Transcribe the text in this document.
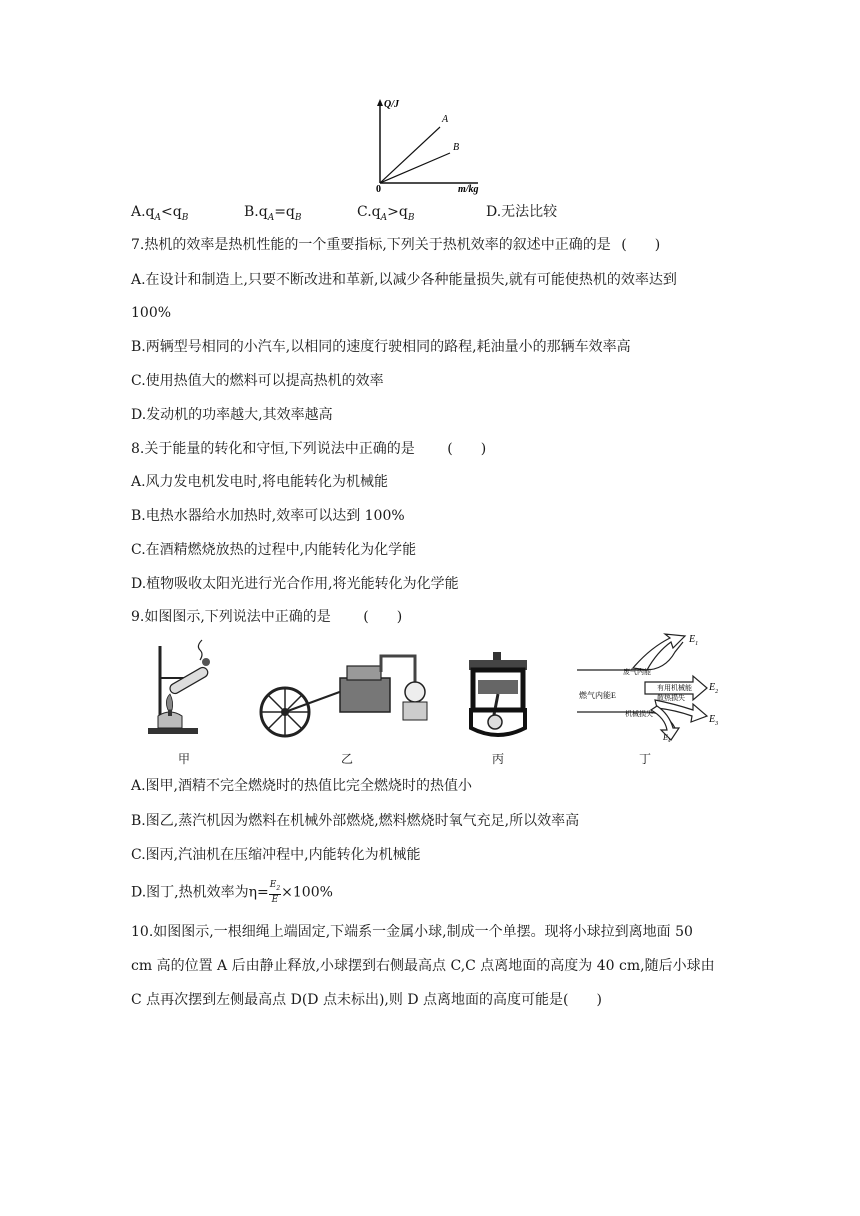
Q/J
A
B
0	m/kg
$A.q_A<q_B$	$B.q_A=q_B$	$C.q_A>q_B$	D.无法比较
7.热机的效率是热机性能的一个重要指标,下列关于热机效率的叙述中正确的是 (　　)
A.在设计和制造上,只要不断改进和革新,以减少各种能量损失,就有可能使热机的效率达到
100%
B.两辆型号相同的小汽车,以相同的速度行驶相同的路程,耗油量小的那辆车效率高
C.使用热值大的燃料可以提高热机的效率
D.发动机的功率越大,其效率越高
8.关于能量的转化和守恒,下列说法中正确的是 (　　)
A.风力发电机发电时,将电能转化为机械能
B.电热水器给水加热时,效率可以达到 100%
C.在酒精燃烧放热的过程中,内能转化为化学能
D.植物吸收太阳光进行光合作用,将光能转化为化学能
9.如图图示,下列说法中正确的是 (　　)
$E_1$
$E_2$
$E_3$
$E_4$
燃气内能E
废气内能
有用机械能
散热损失
机械损失
甲	乙	丙	丁
A.图甲,酒精不完全燃烧时的热值比完全燃烧时的热值小
B.图乙,蒸汽机因为燃料在机械外部燃烧,燃料燃烧时氧气充足,所以效率高
C.图丙,汽油机在压缩冲程中,内能转化为机械能
D.图丁,热机效率为$\eta= \frac{E_2}{E} \times 100\%$
10.如图图示,一根细绳上端固定,下端系一金属小球,制成一个单摆。现将小球拉到离地面 50
cm 高的位置 A 后由静止释放,小球摆到右侧最高点 C,C 点离地面的高度为 40 cm,随后小球由
C 点再次摆到左侧最高点 D(D 点未标出),则 D 点离地面的高度可能是(　　)
